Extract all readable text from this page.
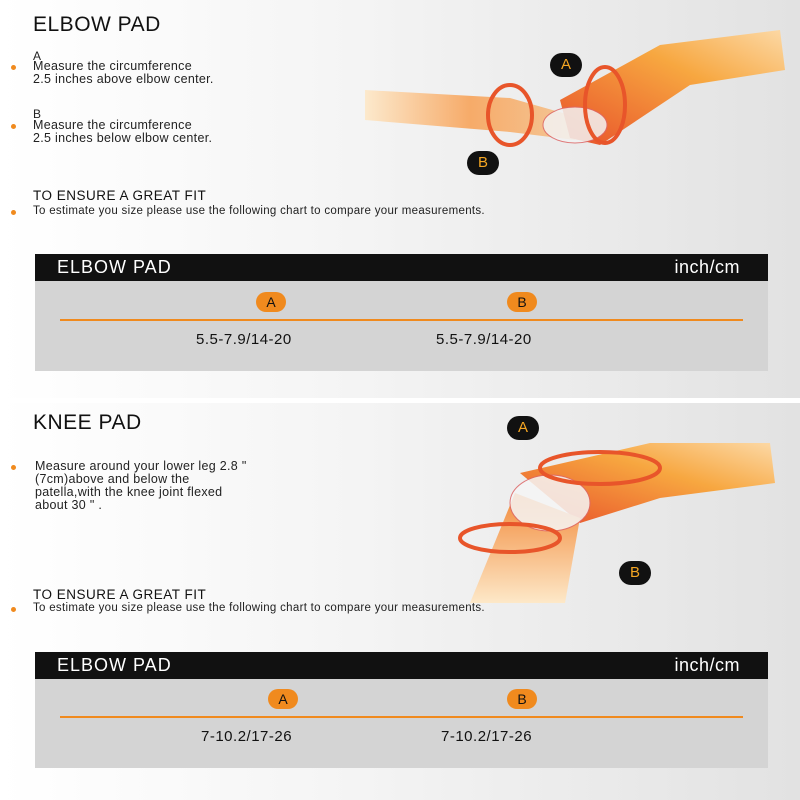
ELBOW PAD
A
Measure the circumference
2.5 inches above elbow center.
B
Measure the circumference
2.5 inches below elbow center.
A
B
TO ENSURE A GREAT FIT
To estimate you size please use the following chart to compare your measurements.
ELBOW PAD	inch/cm
A	B
5.5-7.9/14-20	5.5-7.9/14-20
KNEE PAD
Measure around your lower leg 2.8 "
(7cm)above and below the
patella,with the knee joint flexed
about 30 " .
A
B
TO ENSURE A GREAT FIT
To estimate you size please use the following chart to compare your measurements.
ELBOW PAD	inch/cm
A	B
7-10.2/17-26	7-10.2/17-26
